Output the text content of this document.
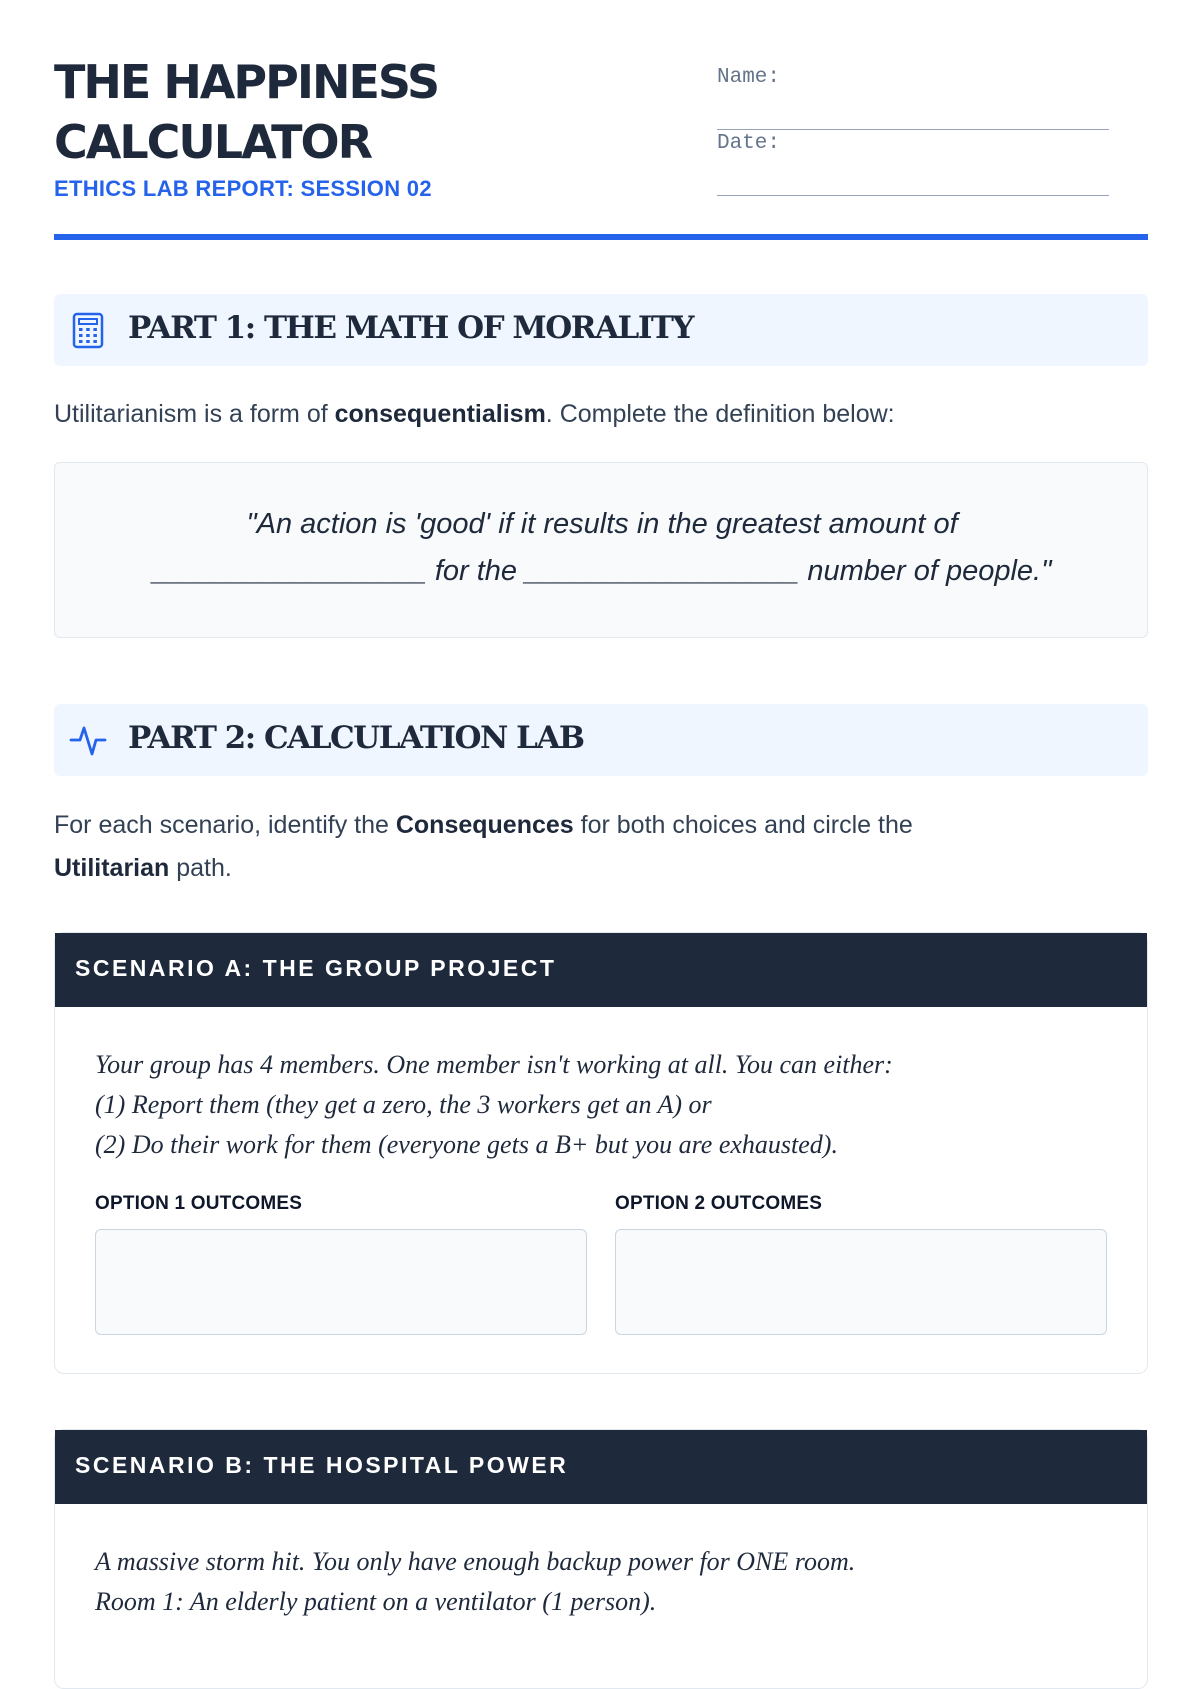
THE HAPPINESS
CALCULATOR
ETHICS LAB REPORT: SESSION 02
Name:
Date:
PART 1: THE MATH OF MORALITY

Utilitarianism is a form of consequentialism. Complete the definition below:

"An action is 'good' if it results in the greatest amount of
_________________ for the _________________ number of people."
PART 2: CALCULATION LAB

For each scenario, identify the Consequences for both choices and circle the
Utilitarian path.

SCENARIO A: THE GROUP PROJECT
Your group has 4 members. One member isn't working at all. You can either:
(1) Report them (they get a zero, the 3 workers get an A) or
(2) Do their work for them (everyone gets a B+ but you are exhausted).
OPTION 1 OUTCOMES	OPTION 2 OUTCOMES
SCENARIO B: THE HOSPITAL POWER
A massive storm hit. You only have enough backup power for ONE room.
Room 1: An elderly patient on a ventilator (1 person).
